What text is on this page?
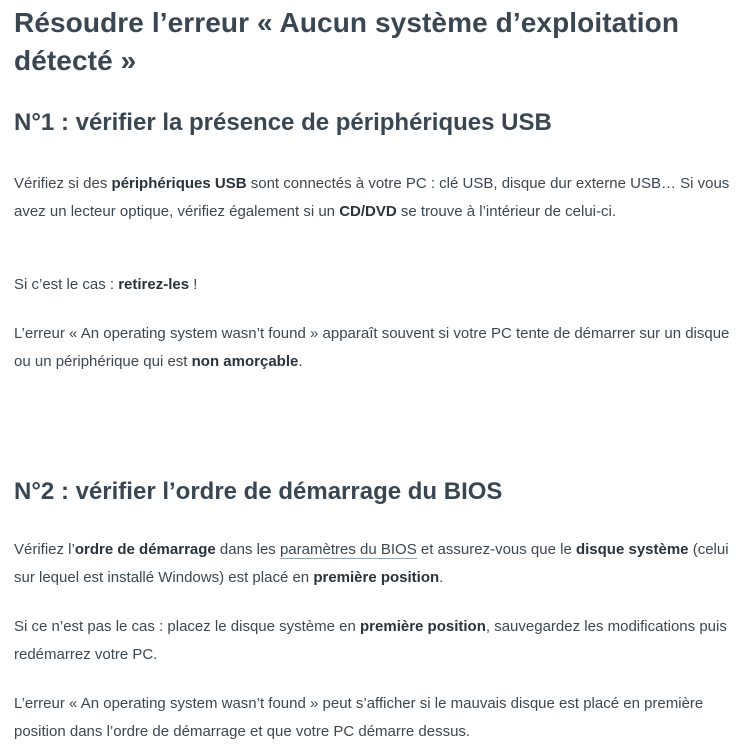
Résoudre l’erreur « Aucun système d’exploitation détecté »
N°1 : vérifier la présence de périphériques USB

Vérifiez si des périphériques USB sont connectés à votre PC : clé USB, disque dur externe USB… Si vous avez un lecteur optique, vérifiez également si un CD/DVD se trouve à l’intérieur de celui-ci.

Si c’est le cas : retirez-les !

L’erreur « An operating system wasn’t found » apparaît souvent si votre PC tente de démarrer sur un disque ou un périphérique qui est non amorçable.

N°2 : vérifier l’ordre de démarrage du BIOS

Vérifiez l’ordre de démarrage dans les paramètres du BIOS et assurez-vous que le disque système (celui sur lequel est installé Windows) est placé en première position.

Si ce n’est pas le cas : placez le disque système en première position, sauvegardez les modifications puis redémarrez votre PC.

L’erreur « An operating system wasn’t found » peut s’afficher si le mauvais disque est placé en première position dans l’ordre de démarrage et que votre PC démarre dessus.
